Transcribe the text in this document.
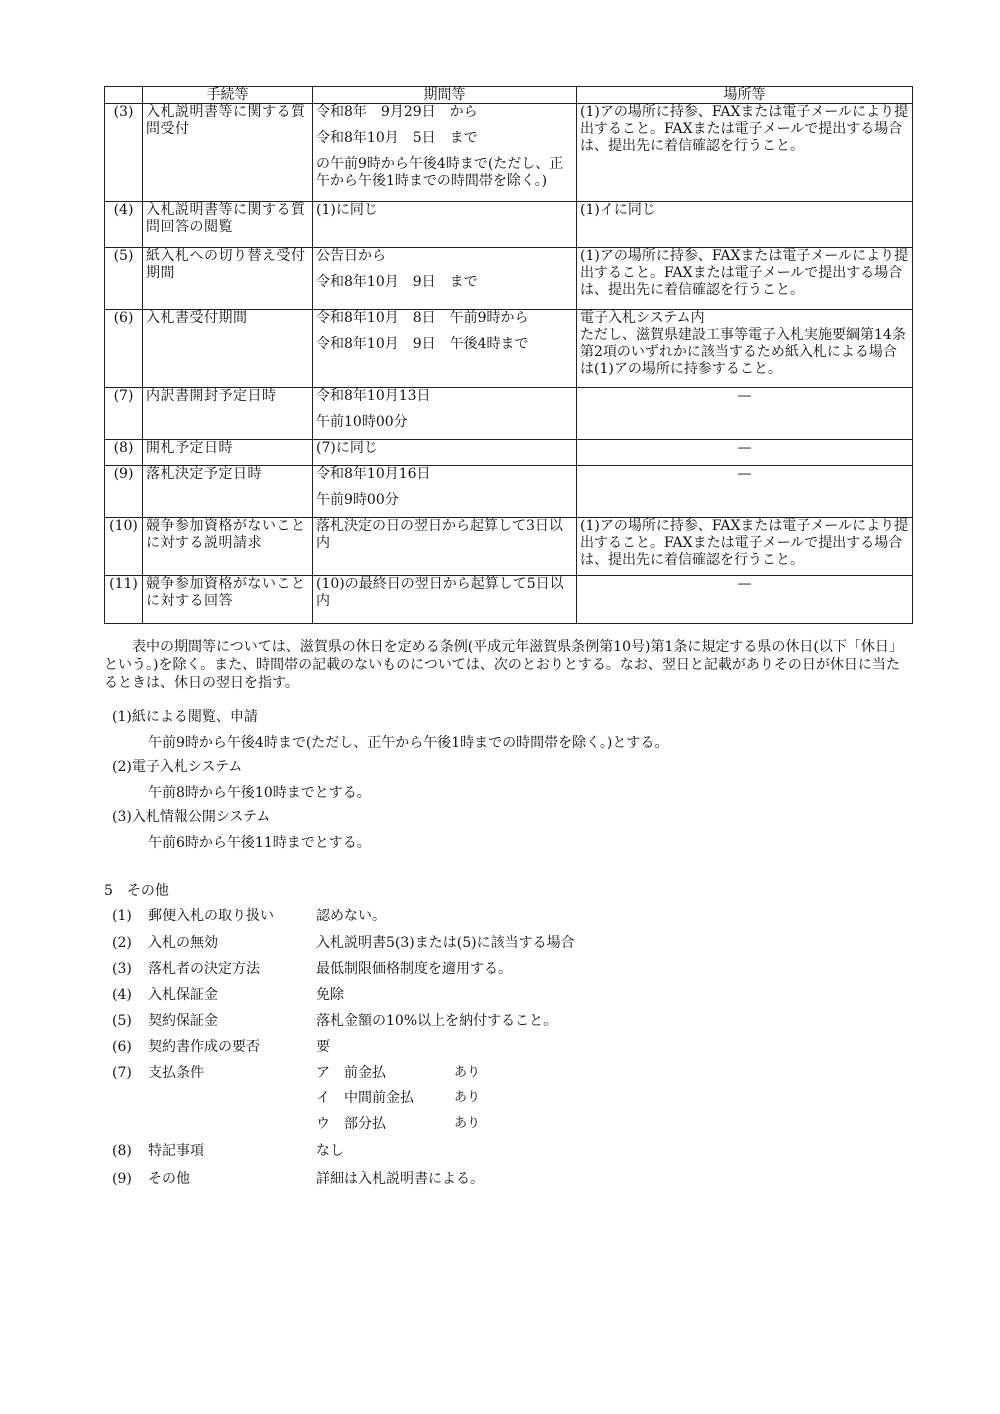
	手続等	期間等	場所等
(3)	入札説明書等に関する質問受付	令和8年　9月29日　から
令和8年10月　5日　まで
の午前9時から午後4時まで(ただし、正午から午後1時までの時間帯を除く。)	(1)アの場所に持参、FAXまたは電子メールにより提出すること。FAXまたは電子メールで提出する場合は、提出先に着信確認を行うこと。
(4)	入札説明書等に関する質問回答の閲覧	(1)に同じ	(1)イに同じ
(5)	紙入札への切り替え受付期間	公告日から
令和8年10月　9日　まで	(1)アの場所に持参、FAXまたは電子メールにより提出すること。FAXまたは電子メールで提出する場合は、提出先に着信確認を行うこと。
(6)	入札書受付期間	令和8年10月　8日　午前9時から
令和8年10月　9日　午後4時まで	電子入札システム内
ただし、滋賀県建設工事等電子入札実施要綱第14条第2項のいずれかに該当するため紙入札による場合は(1)アの場所に持参すること。
(7)	内訳書開封予定日時	令和8年10月13日
午前10時00分	—

(8)	開札予定日時	(7)に同じ	—

(9)	落札決定予定日時	令和8年10月16日
午前9時00分	—

(10)	競争参加資格がないことに対する説明請求	落札決定の日の翌日から起算して3日以内	(1)アの場所に持参、FAXまたは電子メールにより提出すること。FAXまたは電子メールで提出する場合は、提出先に着信確認を行うこと。
(11)	競争参加資格がないことに対する回答	(10)の最終日の翌日から起算して5日以内	—

表中の期間等については、滋賀県の休日を定める条例(平成元年滋賀県条例第10号)第1条に規定する県の休日(以下「休日」という。)を除く。また、時間帯の記載のないものについては、次のとおりとする。なお、翌日と記載がありその日が休日に当たるときは、休日の翌日を指す。

(1)紙による閲覧、申請
午前9時から午後4時まで(ただし、正午から午後1時までの時間帯を除く。)とする。
(2)電子入札システム
午前8時から午後10時までとする。
(3)入札情報公開システム
午前6時から午後11時までとする。
5　その他
(1) 郵便入札の取り扱い	認めない。
(2) 入札の無効	入札説明書5(3)または(5)に該当する場合
(3) 落札者の決定方法	最低制限価格制度を適用する。
(4) 入札保証金	免除
(5) 契約保証金	落札金額の10%以上を納付すること。
(6) 契約書作成の要否	要
(7) 支払条件	ア　前金払	あり
イ　中間前金払	あり
ウ　部分払	あり
(8) 特記事項	なし
(9) その他	詳細は入札説明書による。
